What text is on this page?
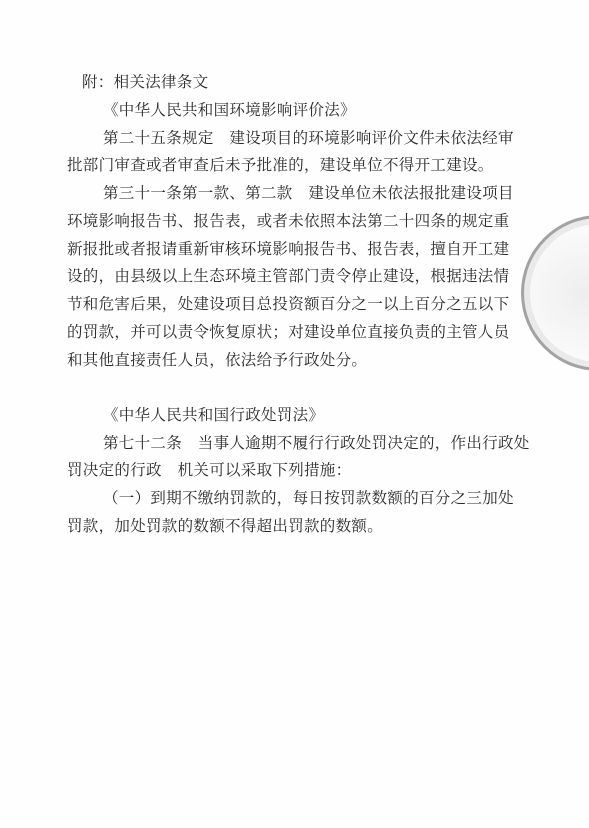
附：相关法律条文
《中华人民共和国环境影响评价法》
第二十五条规定　建设项目的环境影响评价文件未依法经审
批部门审查或者审查后未予批准的，建设单位不得开工建设。
第三十一条第一款、第二款　建设单位未依法报批建设项目
环境影响报告书、报告表，或者未依照本法第二十四条的规定重
新报批或者报请重新审核环境影响报告书、报告表，擅自开工建
设的，由县级以上生态环境主管部门责令停止建设，根据违法情
节和危害后果，处建设项目总投资额百分之一以上百分之五以下
的罚款，并可以责令恢复原状；对建设单位直接负责的主管人员
和其他直接责任人员，依法给予行政处分。
《中华人民共和国行政处罚法》
第七十二条　当事人逾期不履行行政处罚决定的，作出行政处
罚决定的行政　机关可以采取下列措施：
（一）到期不缴纳罚款的，每日按罚款数额的百分之三加处
罚款，加处罚款的数额不得超出罚款的数额。
